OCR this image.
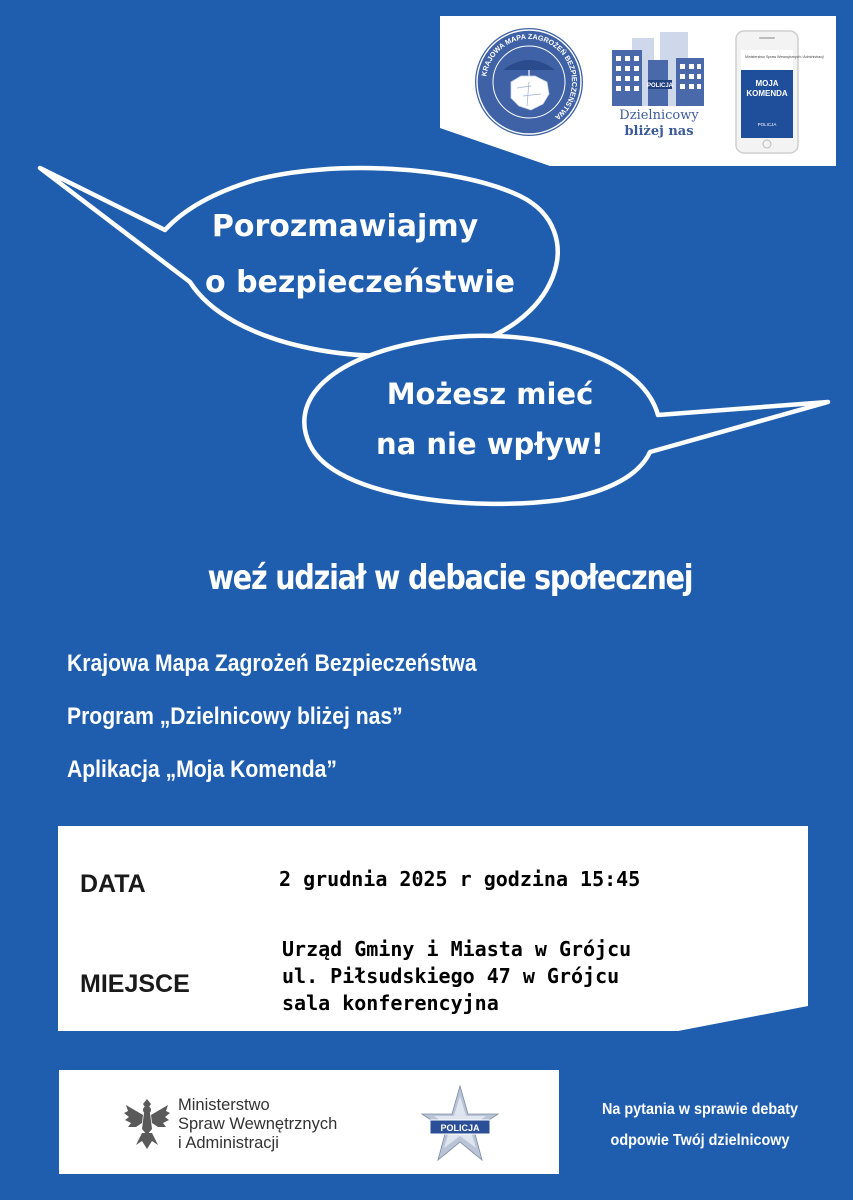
KRAJOWA MAPA ZAGROŻEŃ BEZPIECZEŃSTWA
POLICJA
Dzielnicowy
bliżej nas
Ministerstwo Spraw Wewnętrznych i Administracji
MOJA
KOMENDA
POLICJA
Porozmawiajmy
o bezpieczeństwie
Możesz mieć
na nie wpływ!
weź udział w debacie społecznej
Krajowa Mapa Zagrożeń Bezpieczeństwa
Program „Dzielnicowy bliżej nas”
Aplikacja „Moja Komenda”
DATA	2 grudnia 2025 r godzina 15:45
MIEJSCE
Urząd Gminy i Miasta w Grójcu
ul. Piłsudskiego 47 w Grójcu
sala konferencyjna
Ministerstwo
Spraw Wewnętrznych
i Administracji
POLICJA
Na pytania w sprawie debaty
odpowie Twój dzielnicowy
